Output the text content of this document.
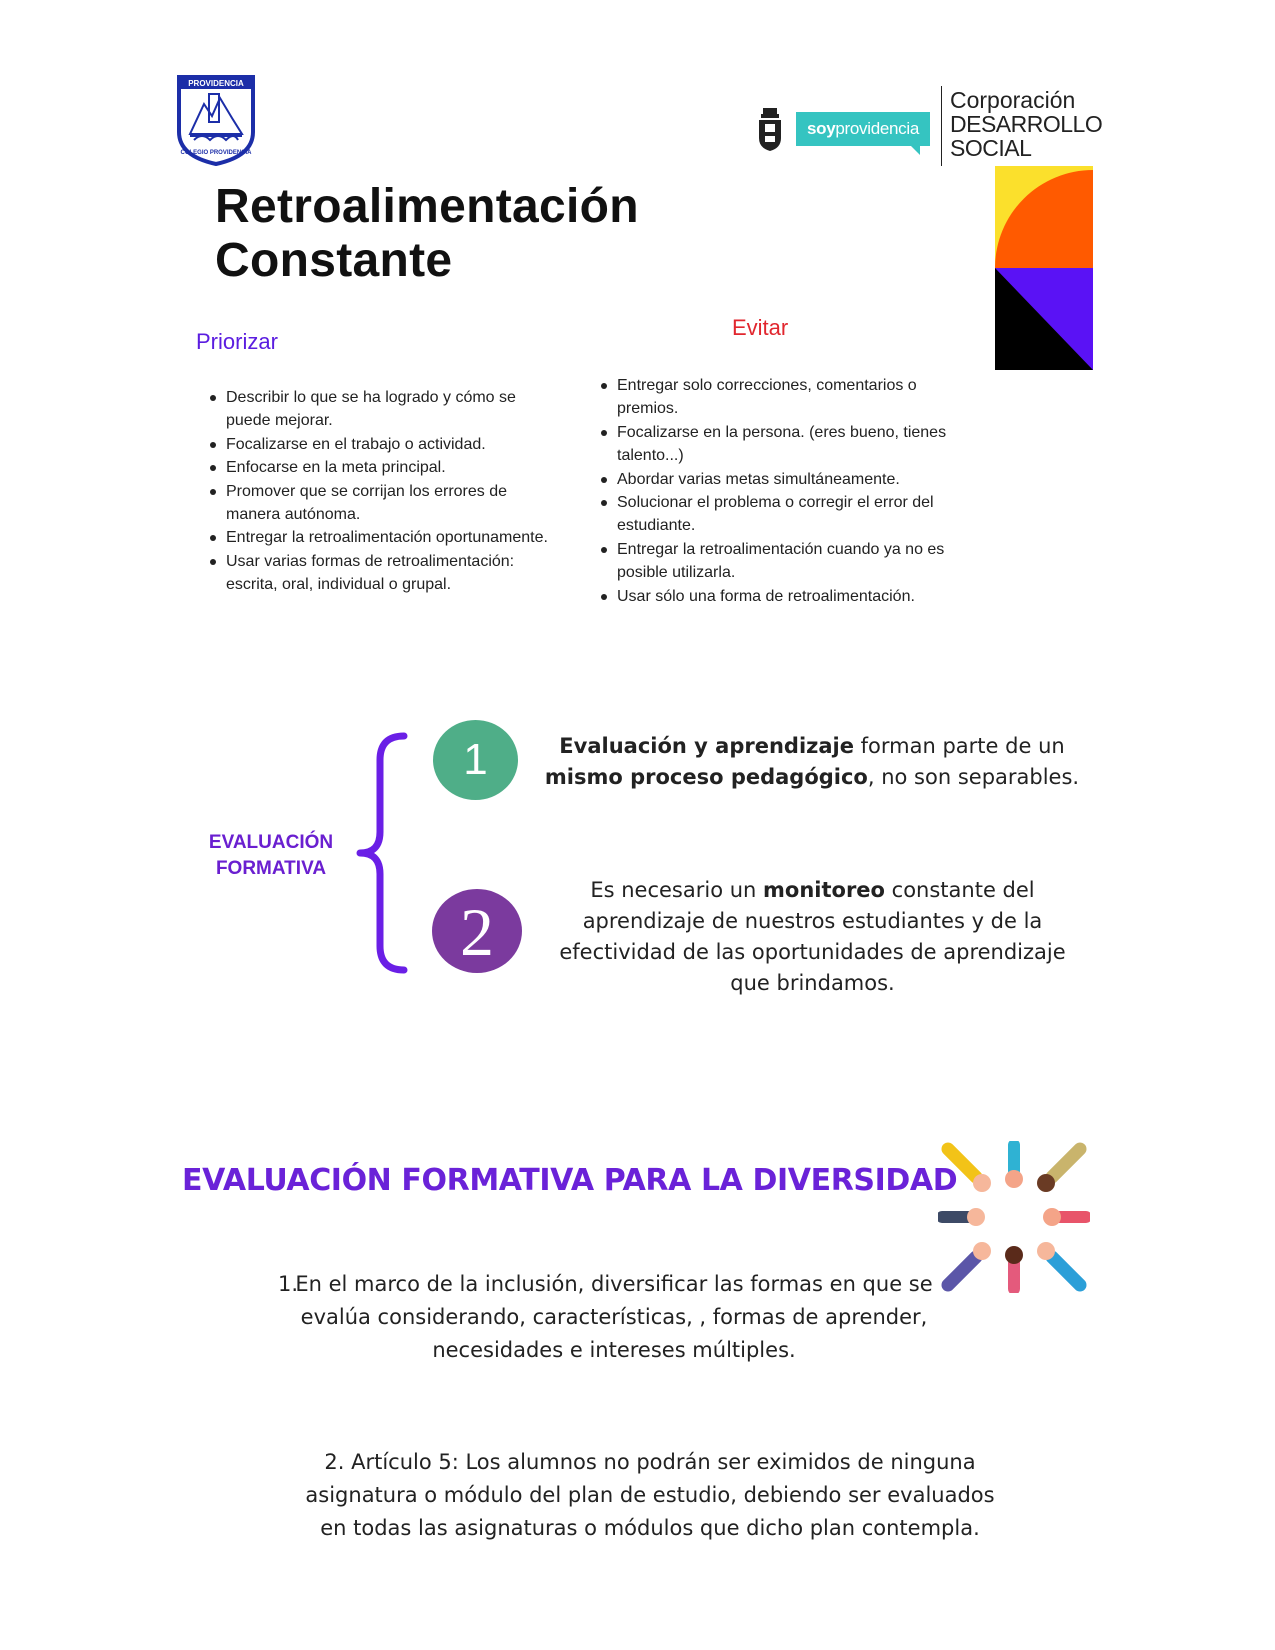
PROVIDENCIA
COLEGIO PROVIDENCIA
soyprovidencia
Corporación
DESARROLLO
SOCIAL
Retroalimentación
Constante
Priorizar
Describir lo que se ha logrado y cómo se puede mejorar.
Focalizarse en el trabajo o actividad.
Enfocarse en la meta principal.
Promover que se corrijan los errores de manera autónoma.
Entregar la retroalimentación oportunamente.
Usar varias formas de retroalimentación: escrita, oral, individual o grupal.
Evitar
Entregar solo correcciones, comentarios o premios.
Focalizarse en la persona. (eres bueno, tienes talento...)
Abordar varias metas simultáneamente.
Solucionar el problema o corregir el error del estudiante.
Entregar la retroalimentación cuando ya no es posible utilizarla.
Usar sólo una forma de retroalimentación.
EVALUACIÓN
FORMATIVA
1	Evaluación y aprendizaje forman parte de un
mismo proceso pedagógico, no son separables.
2
Es necesario un monitoreo constante del aprendizaje de nuestros estudiantes y de la efectividad de las oportunidades de aprendizaje que brindamos.
EVALUACIÓN FORMATIVA PARA LA DIVERSIDAD
1.
En el marco de la inclusión, diversificar las formas en que se evalúa considerando, características, , formas de aprender, necesidades e intereses múltiples.
2. Artículo 5: Los alumnos no podrán ser eximidos de ninguna asignatura o módulo del plan de estudio, debiendo ser evaluados en todas las asignaturas o módulos que dicho plan contempla.
